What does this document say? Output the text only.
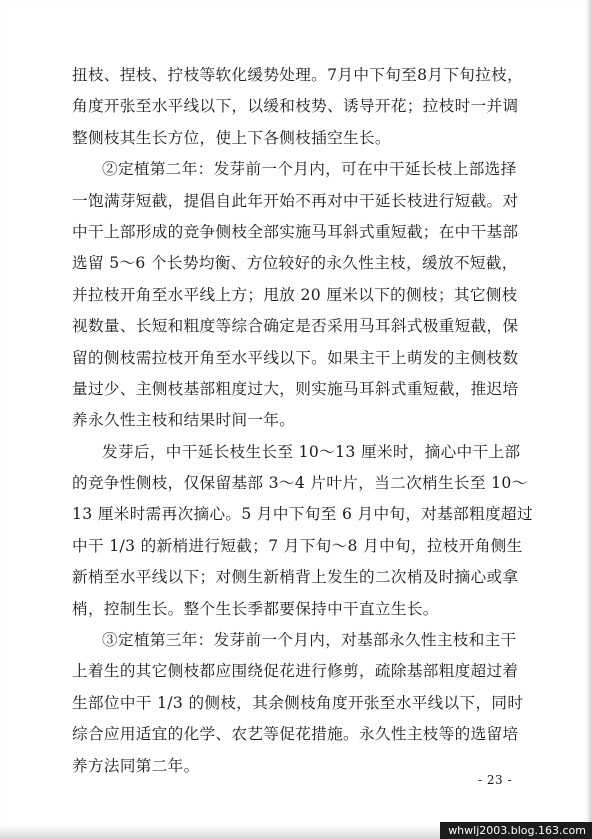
扭枝、捏枝、拧枝等软化缓势处理。7月中下旬至8月下旬拉枝，
角度开张至水平线以下，以缓和枝势、诱导开花；拉枝时一并调
整侧枝其生长方位，使上下各侧枝插空生长。
②定植第二年：发芽前一个月内，可在中干延长枝上部选择
一饱满芽短截，提倡自此年开始不再对中干延长枝进行短截。对
中干上部形成的竞争侧枝全部实施马耳斜式重短截；在中干基部
选留 5～6 个长势均衡、方位较好的永久性主枝，缓放不短截，
并拉枝开角至水平线上方；甩放 20 厘米以下的侧枝；其它侧枝
视数量、长短和粗度等综合确定是否采用马耳斜式极重短截，保
留的侧枝需拉枝开角至水平线以下。如果主干上萌发的主侧枝数
量过少、主侧枝基部粗度过大，则实施马耳斜式重短截，推迟培
养永久性主枝和结果时间一年。
发芽后，中干延长枝生长至 10～13 厘米时，摘心中干上部
的竞争性侧枝，仅保留基部 3～4 片叶片，当二次梢生长至 10～
13 厘米时需再次摘心。5 月中下旬至 6 月中旬，对基部粗度超过
中干 1/3 的新梢进行短截；7 月下旬～8 月中旬，拉枝开角侧生
新梢至水平线以下；对侧生新梢背上发生的二次梢及时摘心或拿
梢，控制生长。整个生长季都要保持中干直立生长。
③定植第三年：发芽前一个月内，对基部永久性主枝和主干
上着生的其它侧枝都应围绕促花进行修剪，疏除基部粗度超过着
生部位中干 1/3 的侧枝，其余侧枝角度开张至水平线以下，同时
综合应用适宜的化学、农艺等促花措施。永久性主枝等的选留培
养方法同第二年。
- 23 -
whwlj2003.blog.163.com
